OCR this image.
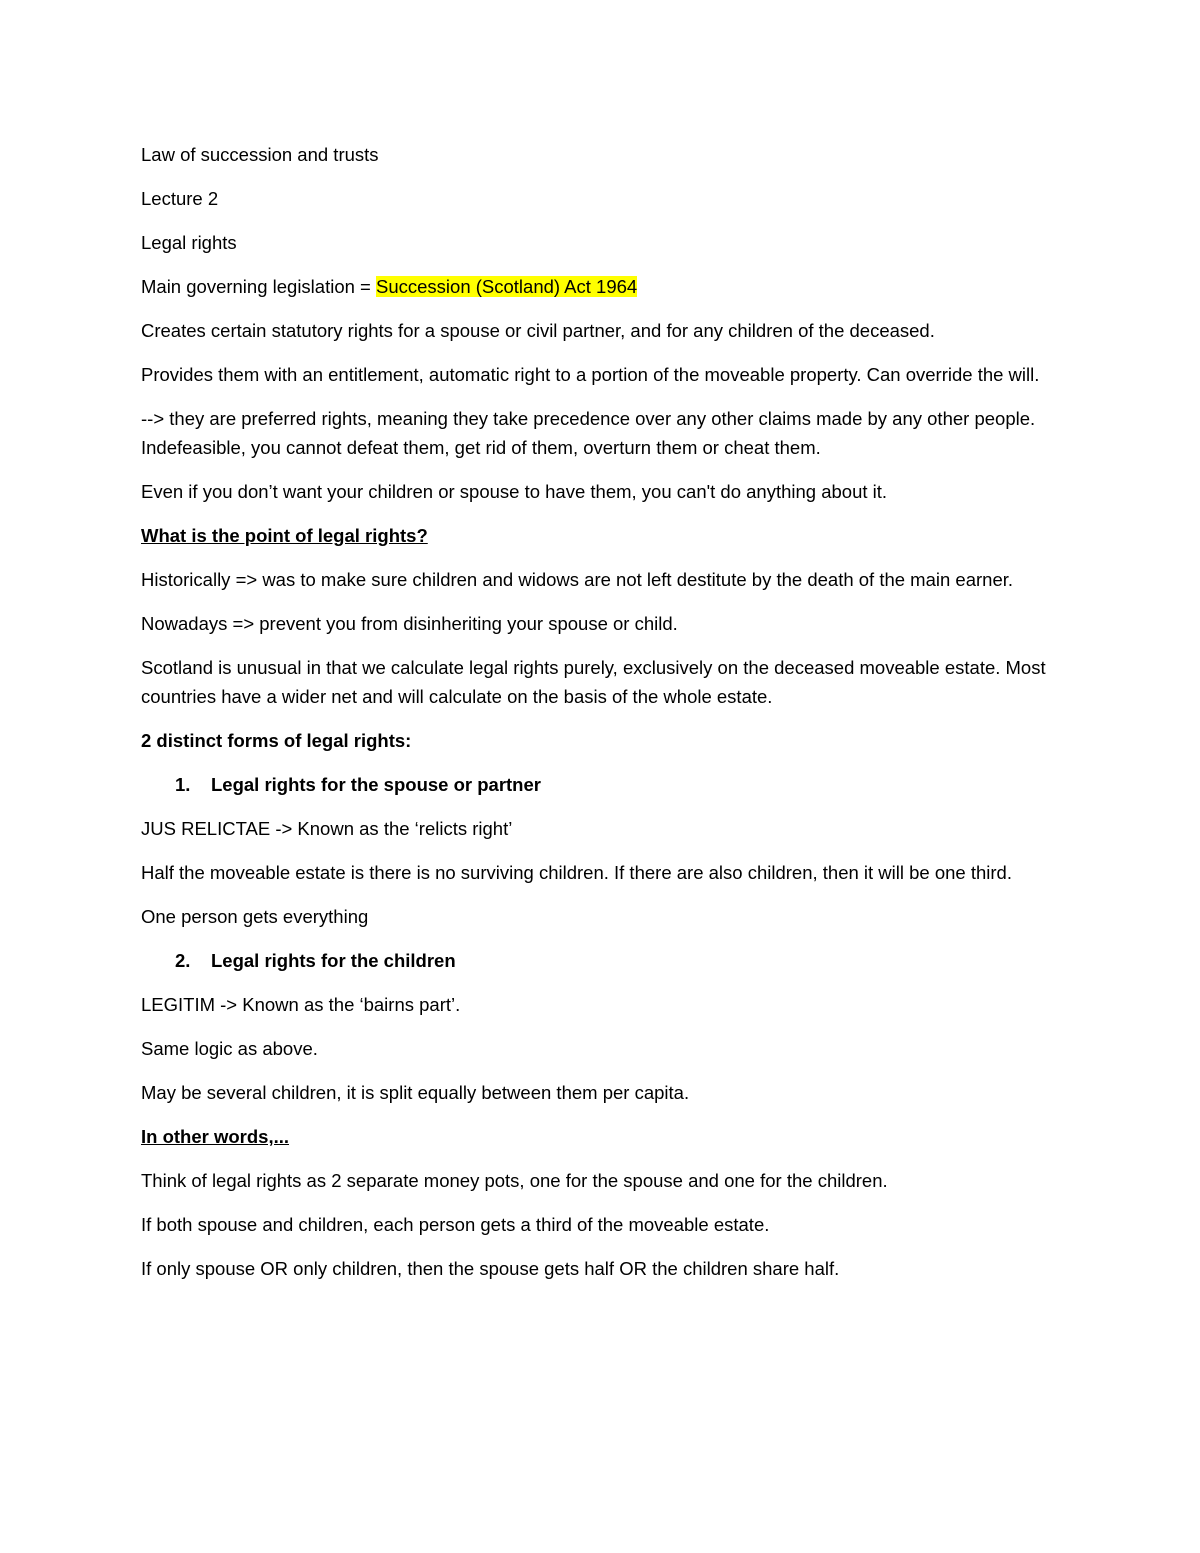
Law of succession and trusts

Lecture 2

Legal rights

Main governing legislation = Succession (Scotland) Act 1964

Creates certain statutory rights for a spouse or civil partner, and for any children of the deceased.

Provides them with an entitlement, automatic right to a portion of the moveable property. Can override the will.

--> they are preferred rights, meaning they take precedence over any other claims made by any other people. Indefeasible, you cannot defeat them, get rid of them, overturn them or cheat them.

Even if you don’t want your children or spouse to have them, you can't do anything about it.

What is the point of legal rights?

Historically => was to make sure children and widows are not left destitute by the death of the main earner.

Nowadays => prevent you from disinheriting your spouse or child.

Scotland is unusual in that we calculate legal rights purely, exclusively on the deceased moveable estate. Most countries have a wider net and will calculate on the basis of the whole estate.

2 distinct forms of legal rights:

1. Legal rights for the spouse or partner

JUS RELICTAE -> Known as the ‘relicts right’

Half the moveable estate is there is no surviving children. If there are also children, then it will be one third.

One person gets everything

2. Legal rights for the children

LEGITIM -> Known as the ‘bairns part’.

Same logic as above.

May be several children, it is split equally between them per capita.

In other words,...

Think of legal rights as 2 separate money pots, one for the spouse and one for the children.

If both spouse and children, each person gets a third of the moveable estate.

If only spouse OR only children, then the spouse gets half OR the children share half.
